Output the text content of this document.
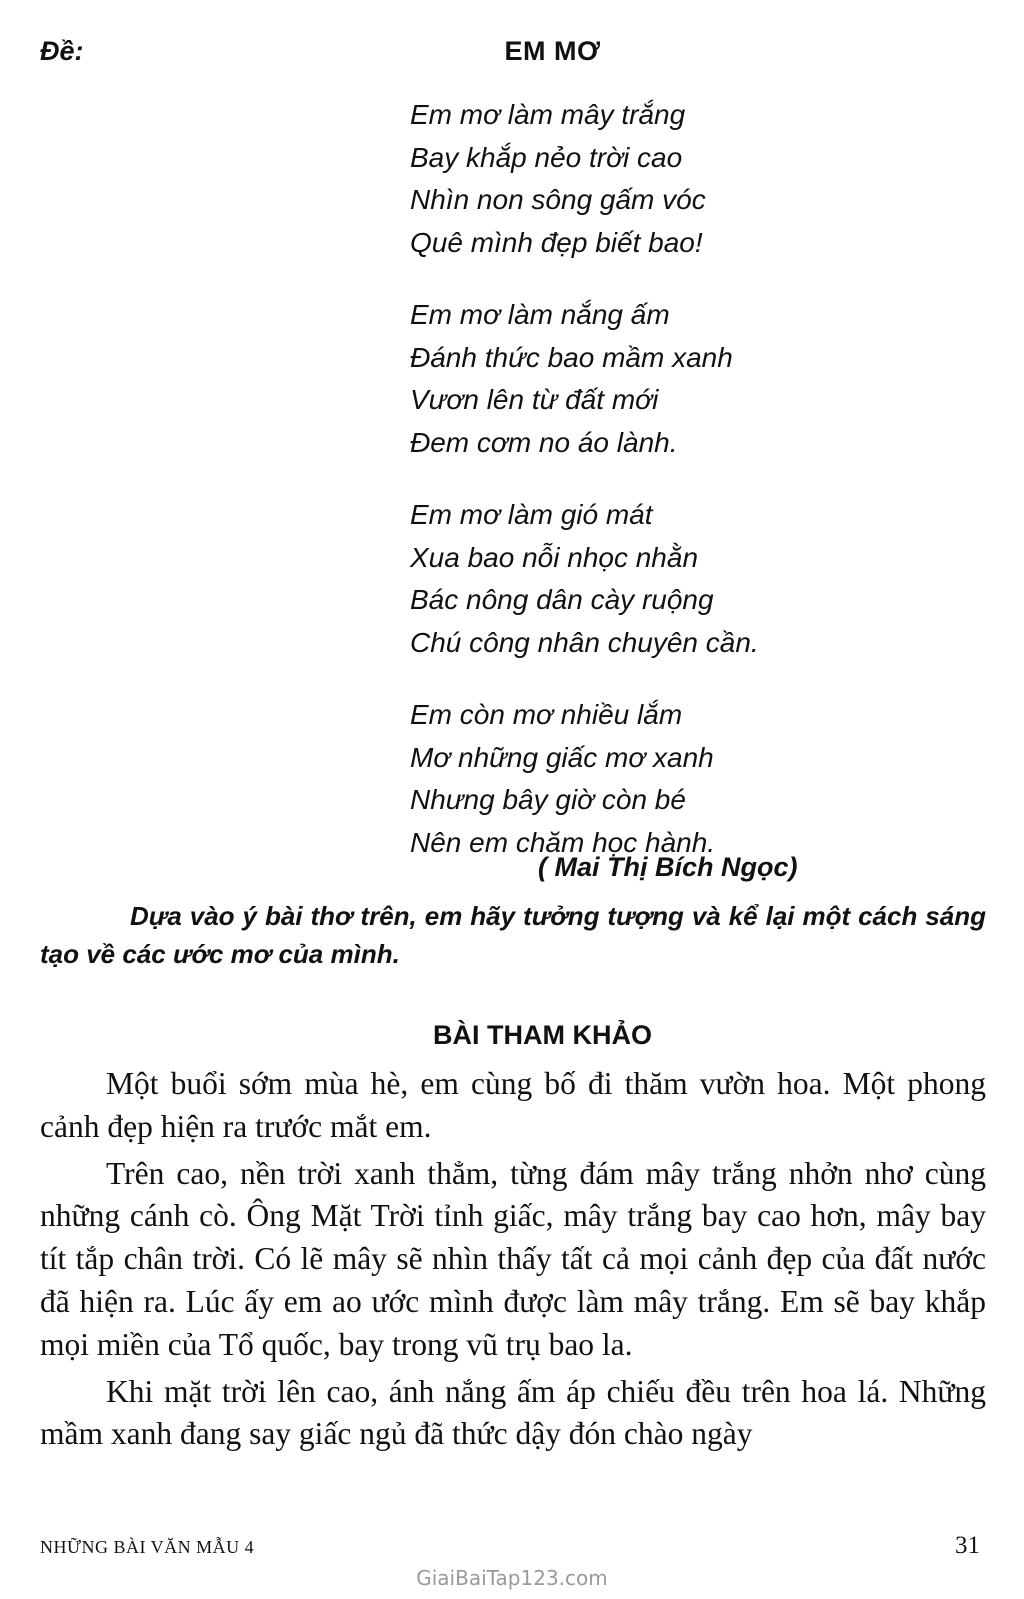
Đề:	EM MƠ
Em mơ làm mây trắng
Bay khắp nẻo trời cao
Nhìn non sông gấm vóc
Quê mình đẹp biết bao!
Em mơ làm nắng ấm
Đánh thức bao mầm xanh
Vươn lên từ đất mới
Đem cơm no áo lành.
Em mơ làm gió mát
Xua bao nỗi nhọc nhằn
Bác nông dân cày ruộng
Chú công nhân chuyên cần.
Em còn mơ nhiều lắm
Mơ những giấc mơ xanh
Nhưng bây giờ còn bé
Nên em chăm học hành.
( Mai Thị Bích Ngọc)
Dựa vào ý bài thơ trên, em hãy tưởng tượng và kể lại một cách sáng tạo về các ước mơ của mình.
BÀI THAM KHẢO

Một buổi sớm mùa hè, em cùng bố đi thăm vườn hoa. Một phong cảnh đẹp hiện ra trước mắt em.

Trên cao, nền trời xanh thẳm, từng đám mây trắng nhởn nhơ cùng những cánh cò. Ông Mặt Trời tỉnh giấc, mây trắng bay cao hơn, mây bay tít tắp chân trời. Có lẽ mây sẽ nhìn thấy tất cả mọi cảnh đẹp của đất nước đã hiện ra. Lúc ấy em ao ước mình được làm mây trắng. Em sẽ bay khắp mọi miền của Tổ quốc, bay trong vũ trụ bao la.

Khi mặt trời lên cao, ánh nắng ấm áp chiếu đều trên hoa lá. Những mầm xanh đang say giấc ngủ đã thức dậy đón chào ngày

NHỮNG BÀI VĂN MẪU 4	31
GiaiBaiTap123.com
